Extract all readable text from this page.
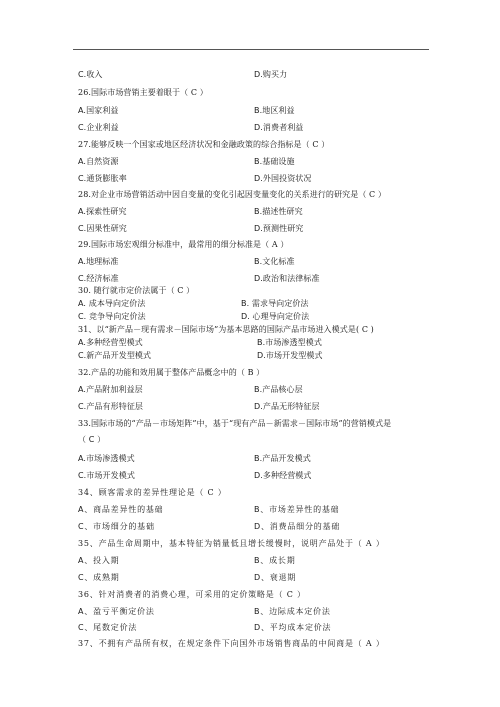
C.收入	D.购买力
26.国际市场营销主要着眼于（ C ）
A.国家利益	B.地区利益
C.企业利益	D.消费者利益
27.能够反映一个国家或地区经济状况和金融政策的综合指标是（ C ）
A.自然资源	B.基础设施
C.通货膨胀率	D.外国投资状况
28.对企业市场营销活动中因自变量的变化引起因变量变化的关系进行的研究是（ C ）
A.探索性研究	B.描述性研究
C.因果性研究	D.预测性研究
29.国际市场宏观细分标准中，最常用的细分标准是（ A ）
A.地理标准	B.文化标准
C.经济标准	D.政治和法律标准
30. 随行就市定价法属于（ C ）
A. 成本导向定价法	B. 需求导向定价法
C. 竞争导向定价法	D. 心理导向定价法
31、以“新产品－现有需求－国际市场”为基本思路的国际产品市场进入模式是( C )
A.多种经营型模式	B.市场渗透型模式
C.新产品开发型模式	D.市场开发型模式
32.产品的功能和效用属于整体产品概念中的（ B ）
A.产品附加利益层	B.产品核心层
C.产品有形特征层	D.产品无形特征层
33.国际市场的“产品－市场矩阵”中，基于“现有产品－新需求－国际市场”的营销模式是
（ C ）
A.市场渗透模式	B.产品开发模式
C.市场开发模式	D.多种经营模式
34、顾客需求的差异性理论是（ C ）
A、商品差异性的基础	B、市场差异性的基础
C、市场细分的基础	D、消费品细分的基础
35、产品生命周期中，基本特征为销量低且增长缓慢时，说明产品处于（ A ）
A、投入期	B、成长期
C、成熟期	D、衰退期
36、针对消费者的消费心理，可采用的定价策略是（ C ）
A、盈亏平衡定价法	B、边际成本定价法
C、尾数定价法	D、平均成本定价法
37、不拥有产品所有权，在规定条件下向国外市场销售商品的中间商是（ A ）
